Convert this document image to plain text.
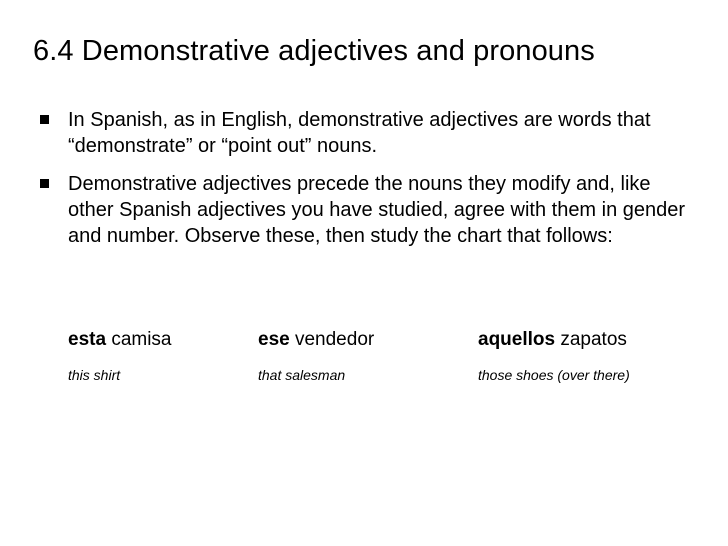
6.4 Demonstrative adjectives and pronouns
In Spanish, as in English, demonstrative adjectives are words that “demonstrate” or “point out” nouns.
Demonstrative adjectives precede the nouns they modify and, like other Spanish adjectives you have studied, agree with them in gender and number. Observe these, then study the chart that follows:
esta camisa	ese vendedor	aquellos zapatos
this shirt	that salesman	those shoes (over there)
